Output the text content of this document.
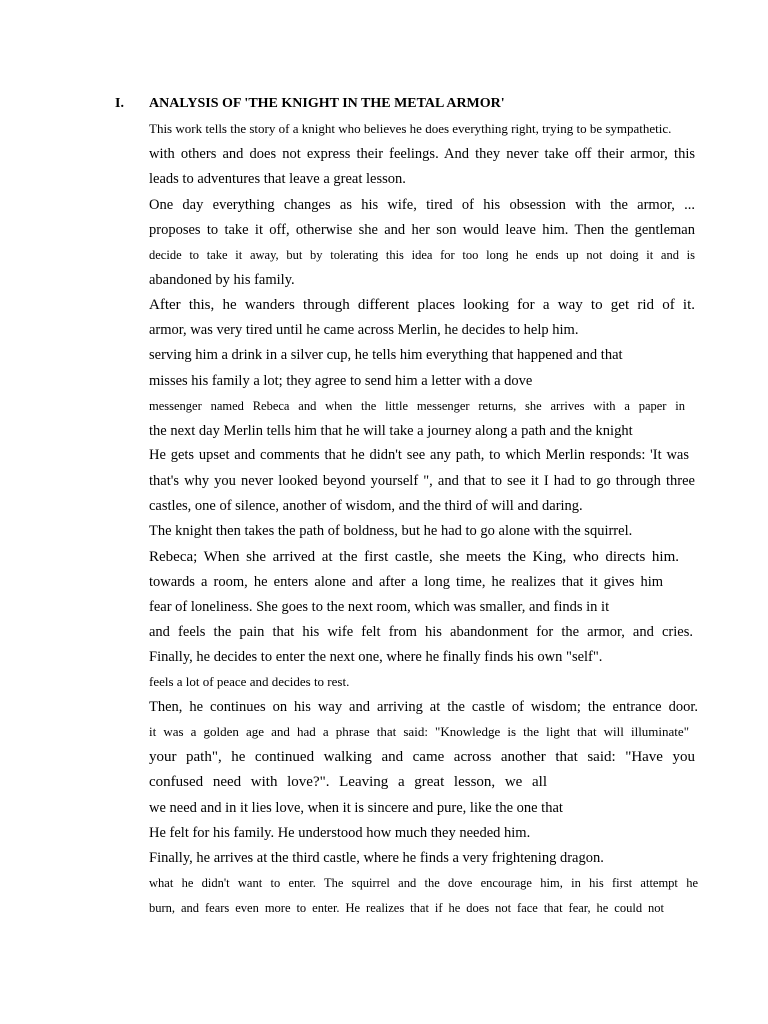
I. ANALYSIS OF 'THE KNIGHT IN THE METAL ARMOR'
This work tells the story of a knight who believes he does everything right, trying to be sympathetic.
with others and does not express their feelings. And they never take off their armor, this
leads to adventures that leave a great lesson.
One day everything changes as his wife, tired of his obsession with the armor, ...
proposes to take it off, otherwise she and her son would leave him. Then the gentleman
decide to take it away, but by tolerating this idea for too long he ends up not doing it and is
abandoned by his family.
After this, he wanders through different places looking for a way to get rid of it.
armor, was very tired until he came across Merlin, he decides to help him.
serving him a drink in a silver cup, he tells him everything that happened and that
misses his family a lot; they agree to send him a letter with a dove
messenger named Rebeca and when the little messenger returns, she arrives with a paper in
the next day Merlin tells him that he will take a journey along a path and the knight
He gets upset and comments that he didn't see any path, to which Merlin responds: 'It was
that's why you never looked beyond yourself ", and that to see it I had to go through three
castles, one of silence, another of wisdom, and the third of will and daring.
The knight then takes the path of boldness, but he had to go alone with the squirrel.
Rebeca; When she arrived at the first castle, she meets the King, who directs him.
towards a room, he enters alone and after a long time, he realizes that it gives him
fear of loneliness. She goes to the next room, which was smaller, and finds in it
and feels the pain that his wife felt from his abandonment for the armor, and cries.
Finally, he decides to enter the next one, where he finally finds his own "self".
feels a lot of peace and decides to rest.
Then, he continues on his way and arriving at the castle of wisdom; the entrance door.
it was a golden age and had a phrase that said: "Knowledge is the light that will illuminate"
your path", he continued walking and came across another that said: "Have you
confused need with love?". Leaving a great lesson, we all
we need and in it lies love, when it is sincere and pure, like the one that
He felt for his family. He understood how much they needed him.
Finally, he arrives at the third castle, where he finds a very frightening dragon.
what he didn't want to enter. The squirrel and the dove encourage him, in his first attempt he
burn, and fears even more to enter. He realizes that if he does not face that fear, he could not
